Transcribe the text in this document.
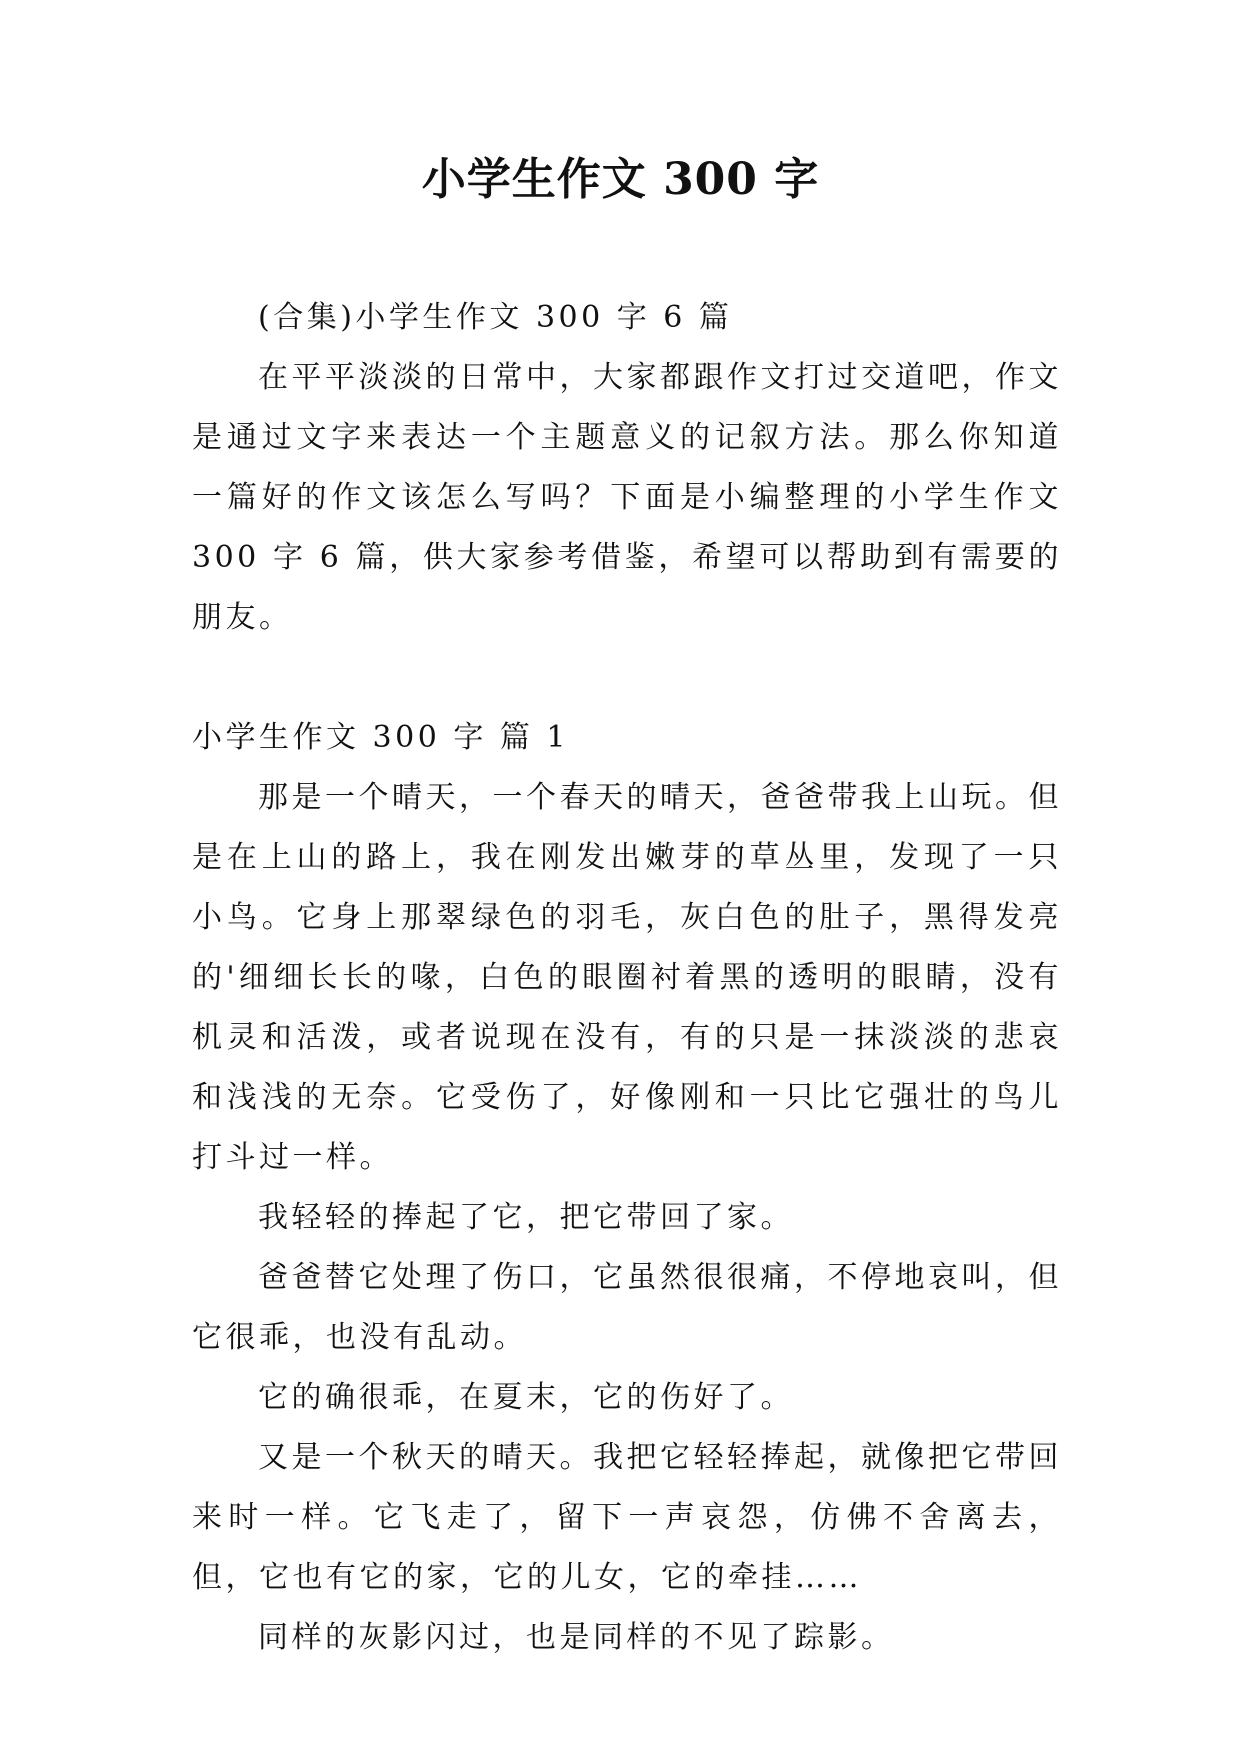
小学生作文 300 字

(合集)小学生作文 300 字 6 篇

在平平淡淡的日常中，大家都跟作文打过交道吧，作文是通过文字来表达一个主题意义的记叙方法。那么你知道一篇好的作文该怎么写吗？下面是小编整理的小学生作文 300 字 6 篇，供大家参考借鉴，希望可以帮助到有需要的朋友。

小学生作文 300 字 篇 1

那是一个晴天，一个春天的晴天，爸爸带我上山玩。但是在上山的路上，我在刚发出嫩芽的草丛里，发现了一只小鸟。它身上那翠绿色的羽毛，灰白色的肚子，黑得发亮的'细细长长的喙，白色的眼圈衬着黑的透明的眼睛，没有机灵和活泼，或者说现在没有，有的只是一抹淡淡的悲哀和浅浅的无奈。它受伤了，好像刚和一只比它强壮的鸟儿打斗过一样。

我轻轻的捧起了它，把它带回了家。

爸爸替它处理了伤口，它虽然很很痛，不停地哀叫，但它很乖，也没有乱动。

它的确很乖，在夏末，它的伤好了。

又是一个秋天的晴天。我把它轻轻捧起，就像把它带回来时一样。它飞走了，留下一声哀怨，仿佛不舍离去，但，它也有它的家，它的儿女，它的牵挂……

同样的灰影闪过，也是同样的不见了踪影。
